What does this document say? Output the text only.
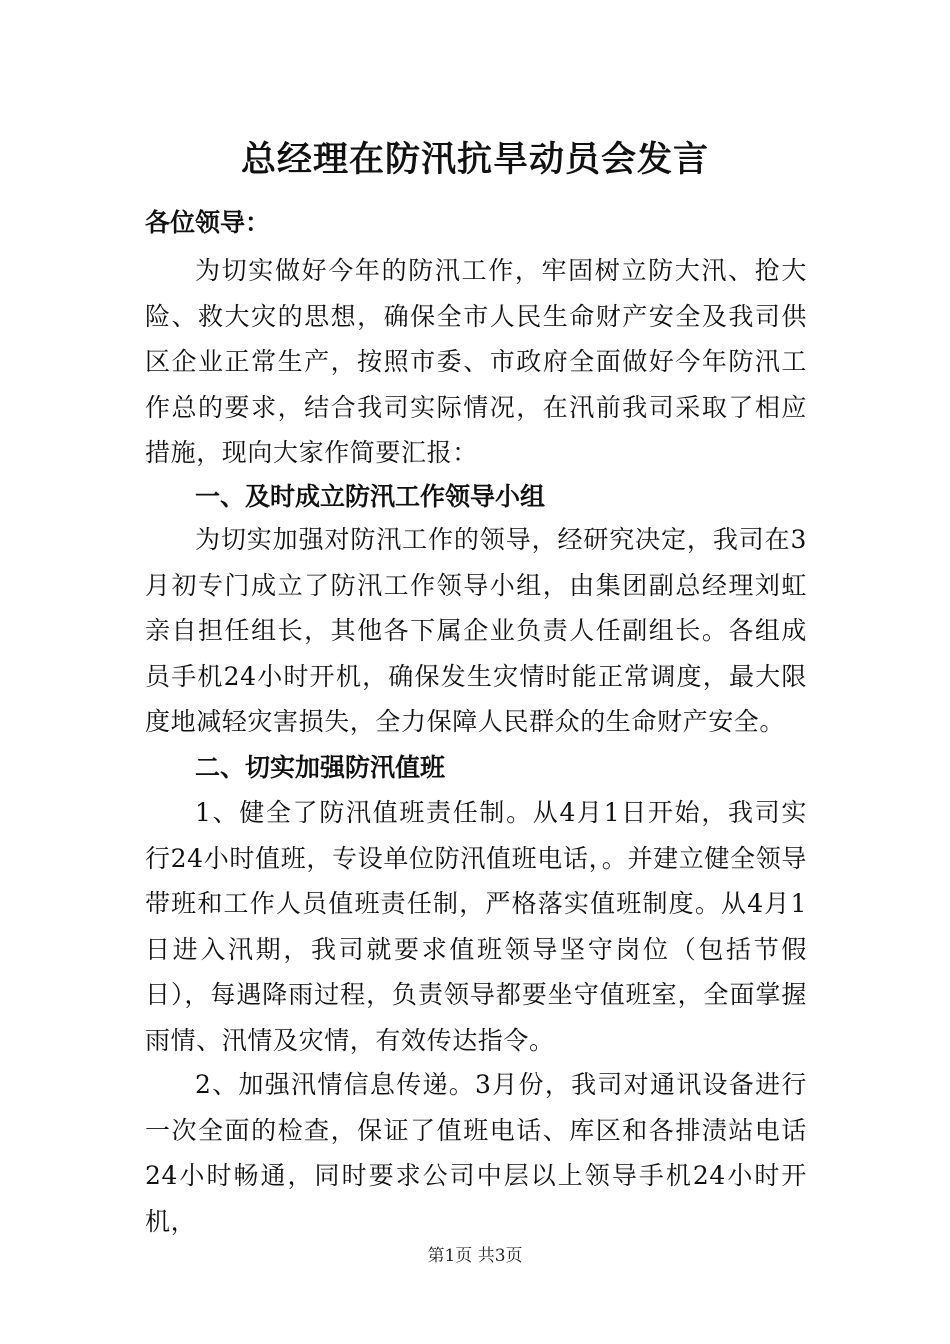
总经理在防汛抗旱动员会发言
各位领导：

为切实做好今年的防汛工作，牢固树立防大汛、抢大险、救大灾的思想，确保全市人民生命财产安全及我司供区企业正常生产，按照市委、市政府全面做好今年防汛工作总的要求，结合我司实际情况，在汛前我司采取了相应措施，现向大家作简要汇报：

一、及时成立防汛工作领导小组

为切实加强对防汛工作的领导，经研究决定，我司在3月初专门成立了防汛工作领导小组，由集团副总经理刘虹亲自担任组长，其他各下属企业负责人任副组长。各组成员手机24小时开机，确保发生灾情时能正常调度，最大限度地减轻灾害损失，全力保障人民群众的生命财产安全。

二、切实加强防汛值班

1、健全了防汛值班责任制。从4月1日开始，我司实行24小时值班，专设单位防汛值班电话，。并建立健全领导带班和工作人员值班责任制，严格落实值班制度。从4月1日进入汛期，我司就要求值班领导坚守岗位（包括节假日），每遇降雨过程，负责领导都要坐守值班室，全面掌握雨情、汛情及灾情，有效传达指令。

2、加强汛情信息传递。3月份，我司对通讯设备进行一次全面的检查，保证了值班电话、库区和各排渍站电话24小时畅通，同时要求公司中层以上领导手机24小时开机，

第1页 共3页
